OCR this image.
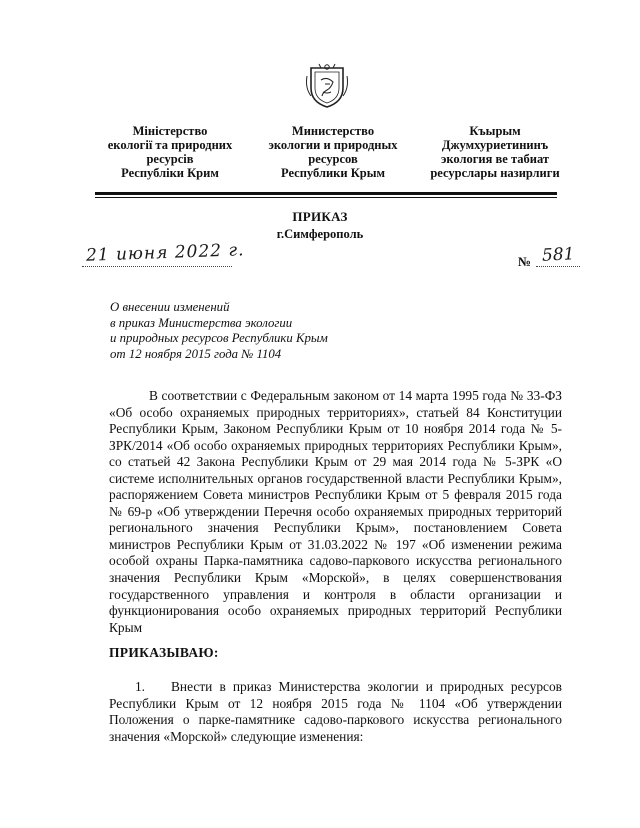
Міністерство
екології та природних
ресурсів
Республіки Крим
Министерство
экологии и природных
ресурсов
Республики Крым
Къырым
Джумхуриетининъ
экология ве табиат
ресурслары назирлиги
ПРИКАЗ
г.Симферополь
21 июня 2022 г.	№ 581
О внесении изменений
в приказ Министерства экологии
и природных ресурсов Республики Крым
от 12 ноября 2015 года № 1104

В соответствии с Федеральным законом от 14 марта 1995 года № 33-ФЗ «Об особо охраняемых природных территориях», статьей 84 Конституции Республики Крым, Законом Республики Крым от 10 ноября 2014 года № 5-ЗРК/2014 «Об особо охраняемых природных территориях Республики Крым», со статьей 42 Закона Республики Крым от 29 мая 2014 года № 5-ЗРК «О системе исполнительных органов государственной власти Республики Крым», распоряжением Совета министров Республики Крым от 5 февраля 2015 года № 69-р «Об утверждении Перечня особо охраняемых природных территорий регионального значения Республики Крым», постановлением Совета министров Республики Крым от 31.03.2022 № 197 «Об изменении режима особой охраны Парка-памятника садово-паркового искусства регионального значения Республики Крым «Морской», в целях совершенствования государственного управления и контроля в области организации и функционирования особо охраняемых природных территорий Республики Крым

ПРИКАЗЫВАЮ:

1. Внести в приказ Министерства экологии и природных ресурсов Республики Крым от 12 ноября 2015 года № 1104 «Об утверждении Положения о парке-памятнике садово-паркового искусства регионального значения «Морской» следующие изменения:
